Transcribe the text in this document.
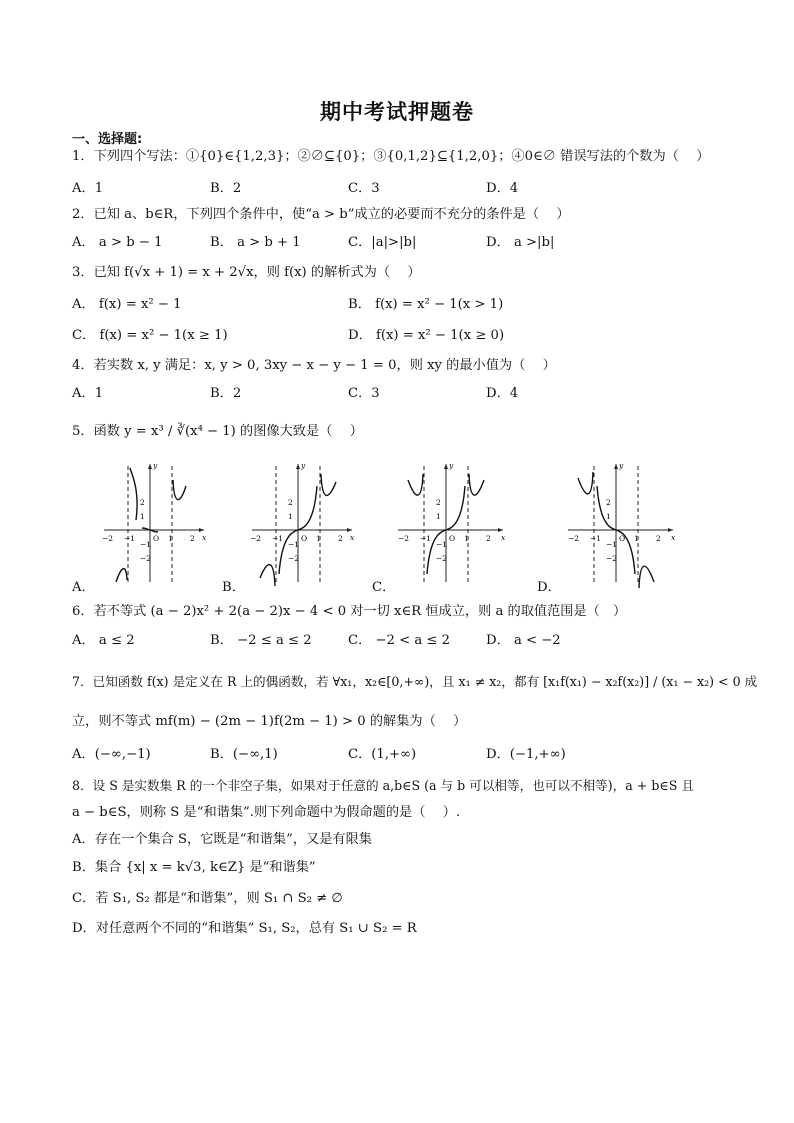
期中考试押题卷
一、选择题:
1．下列四个写法：①{0}∈{1,2,3}；②∅⊆{0}；③{0,1,2}⊆{1,2,0}；④0∈∅ 错误写法的个数为（　 ）
A．1	B．2	C．3	D．4
2．已知 a、b∈R，下列四个条件中，使“a > b”成立的必要而不充分的条件是（　 ）
A． a > b − 1	B． a > b + 1	C．|a|>|b|	D． a >|b|
3．已知 f(√x + 1) = x + 2√x，则 f(x) 的解析式为（　 ）
A． f(x) = x² − 1	B． f(x) = x² − 1(x > 1)
C． f(x) = x² − 1(x ≥ 1)	D． f(x) = x² − 1(x ≥ 0)
4．若实数 x, y 满足：x, y > 0, 3xy − x − y − 1 = 0，则 xy 的最小值为（　 ）
A．1	B．2	C．3	D．4
5．函数 y = x³ / ∛(x⁴ − 1) 的图像大致是（　 ）
A．	B．	C．	D．
−2 −1 O 1 2 x
y
2
1
−1
−2
−2 −1 O 1 2 x
y
2
1
−1
−2
−2 −1 O 1 2 x
y
2
1
−1
−2
−2 −1 O 1 2 x
y
2
1
−1
−2
6．若不等式 (a − 2)x² + 2(a − 2)x − 4 < 0 对一切 x∈R 恒成立，则 a 的取值范围是（　）
A． a ≤ 2	B． −2 ≤ a ≤ 2	C． −2 < a ≤ 2	D． a < −2
7．已知函数 f(x) 是定义在 R 上的偶函数，若 ∀x₁，x₂∈[0,+∞)，且 x₁ ≠ x₂，都有 [x₁f(x₁) − x₂f(x₂)] / (x₁ − x₂) < 0 成
立，则不等式 mf(m) − (2m − 1)f(2m − 1) > 0 的解集为（　 ）
A．(−∞,−1)	B．(−∞,1)	C．(1,+∞)	D．(−1,+∞)
8．设 S 是实数集 R 的一个非空子集，如果对于任意的 a,b∈S (a 与 b 可以相等，也可以不相等)，a + b∈S 且
a − b∈S，则称 S 是“和谐集”.则下列命题中为假命题的是（　 ）.
A．存在一个集合 S，它既是“和谐集”，又是有限集
B．集合 {x| x = k√3, k∈Z} 是“和谐集”
C．若 S₁, S₂ 都是“和谐集”，则 S₁ ∩ S₂ ≠ ∅
D．对任意两个不同的“和谐集” S₁, S₂，总有 S₁ ∪ S₂ = R
